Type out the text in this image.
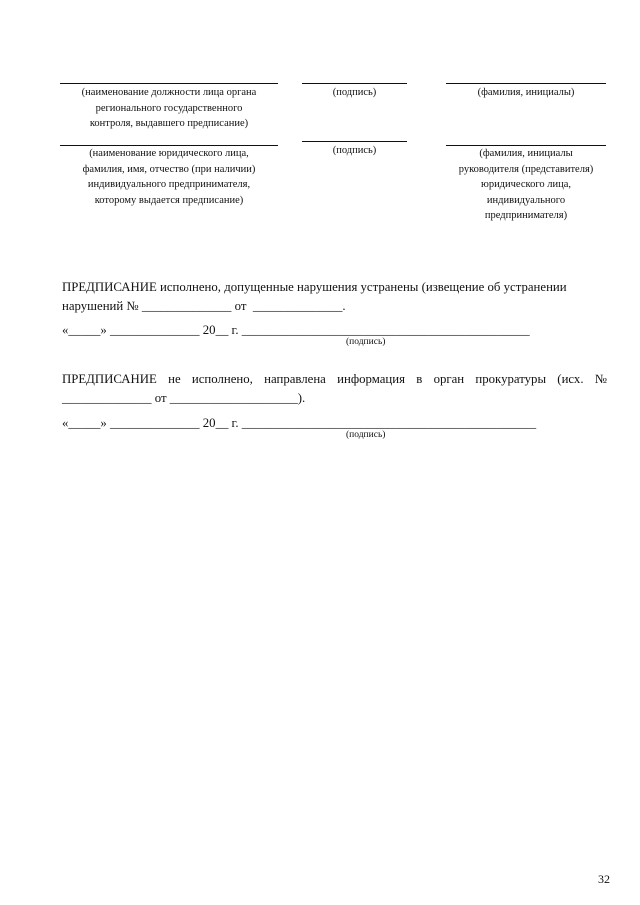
(наименование должности лица органа
регионального государственного
контроля, выдавшего предписание)
(подпись)	(фамилия, инициалы)
(наименование юридического лица,
фамилия, имя, отчество (при наличии)
индивидуального предпринимателя,
которому выдается предписание)
(подпись)	(фамилия, инициалы
руководителя (представителя)
юридического лица,
индивидуального
предпринимателя)
ПРЕДПИСАНИЕ исполнено, допущенные нарушения устранены (извещение об устранении
нарушений № ______________ от  ______________.
«_____» ______________ 20__ г. _____________________________________________
(подпись)
ПРЕДПИСАНИЕ не исполнено, направлена информация в орган прокуратуры (исх. №
______________ от ____________________).
«_____» ______________ 20__ г. ______________________________________________
(подпись)
32
